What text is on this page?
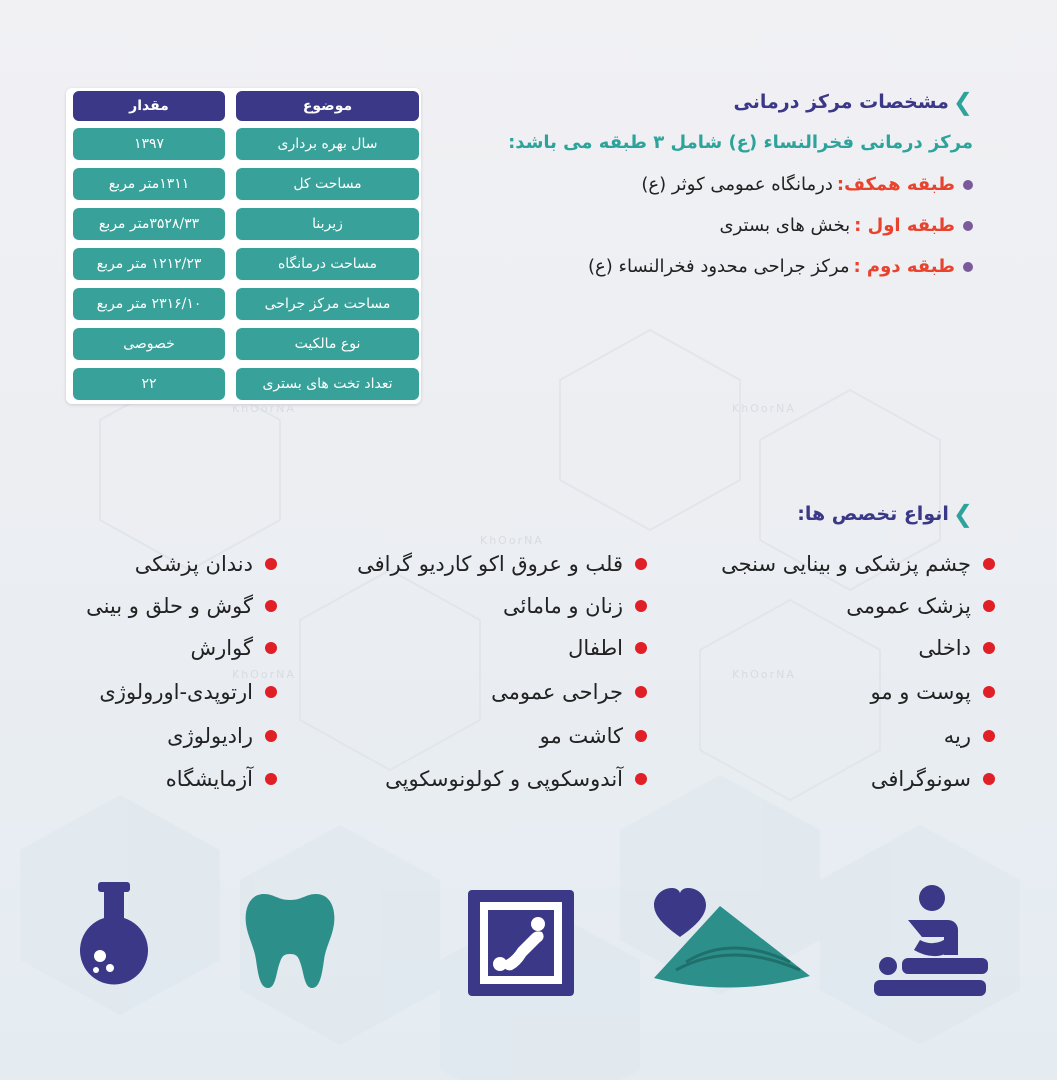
موضوع
مقدار
سال بهره برداری
۱۳۹۷
مساحت کل
۱۳۱۱متر مربع
زیربنا
۳۵۲۸/۳۳متر مربع
مساحت درمانگاه
۱۲۱۲/۲۳ متر مربع
مساحت مرکز جراحی
۲۳۱۶/۱۰ متر مربع
نوع مالکیت
خصوصی
تعداد تخت های بستری
۲۲
❯
مشخصات مرکز درمانی
مرکز درمانی فخرالنساء (ع) شامل ۳ طبقه می باشد:
طبقه همکف:
درمانگاه عمومی کوثر (ع)
طبقه اول :
بخش های بستری
طبقه دوم :
مرکز جراحی محدود فخرالنساء (ع)
❯
انواع تخصص ها:
چشم پزشکی و بینایی سنجی
پزشک عمومی
داخلی
پوست و مو
ریه
سونوگرافی
قلب و عروق اکو کاردیو گرافی
زنان و مامائی
اطفال
جراحی عمومی
کاشت مو
آندوسکوپی و کولونوسکوپی
دندان پزشکی
گوش و حلق و بینی
گوارش
ارتوپدی-اورولوژی
رادیولوژی
آزمایشگاه
KhOorNA	KhOorNA
KhOorNA
KhOorNA	KhOorNA
